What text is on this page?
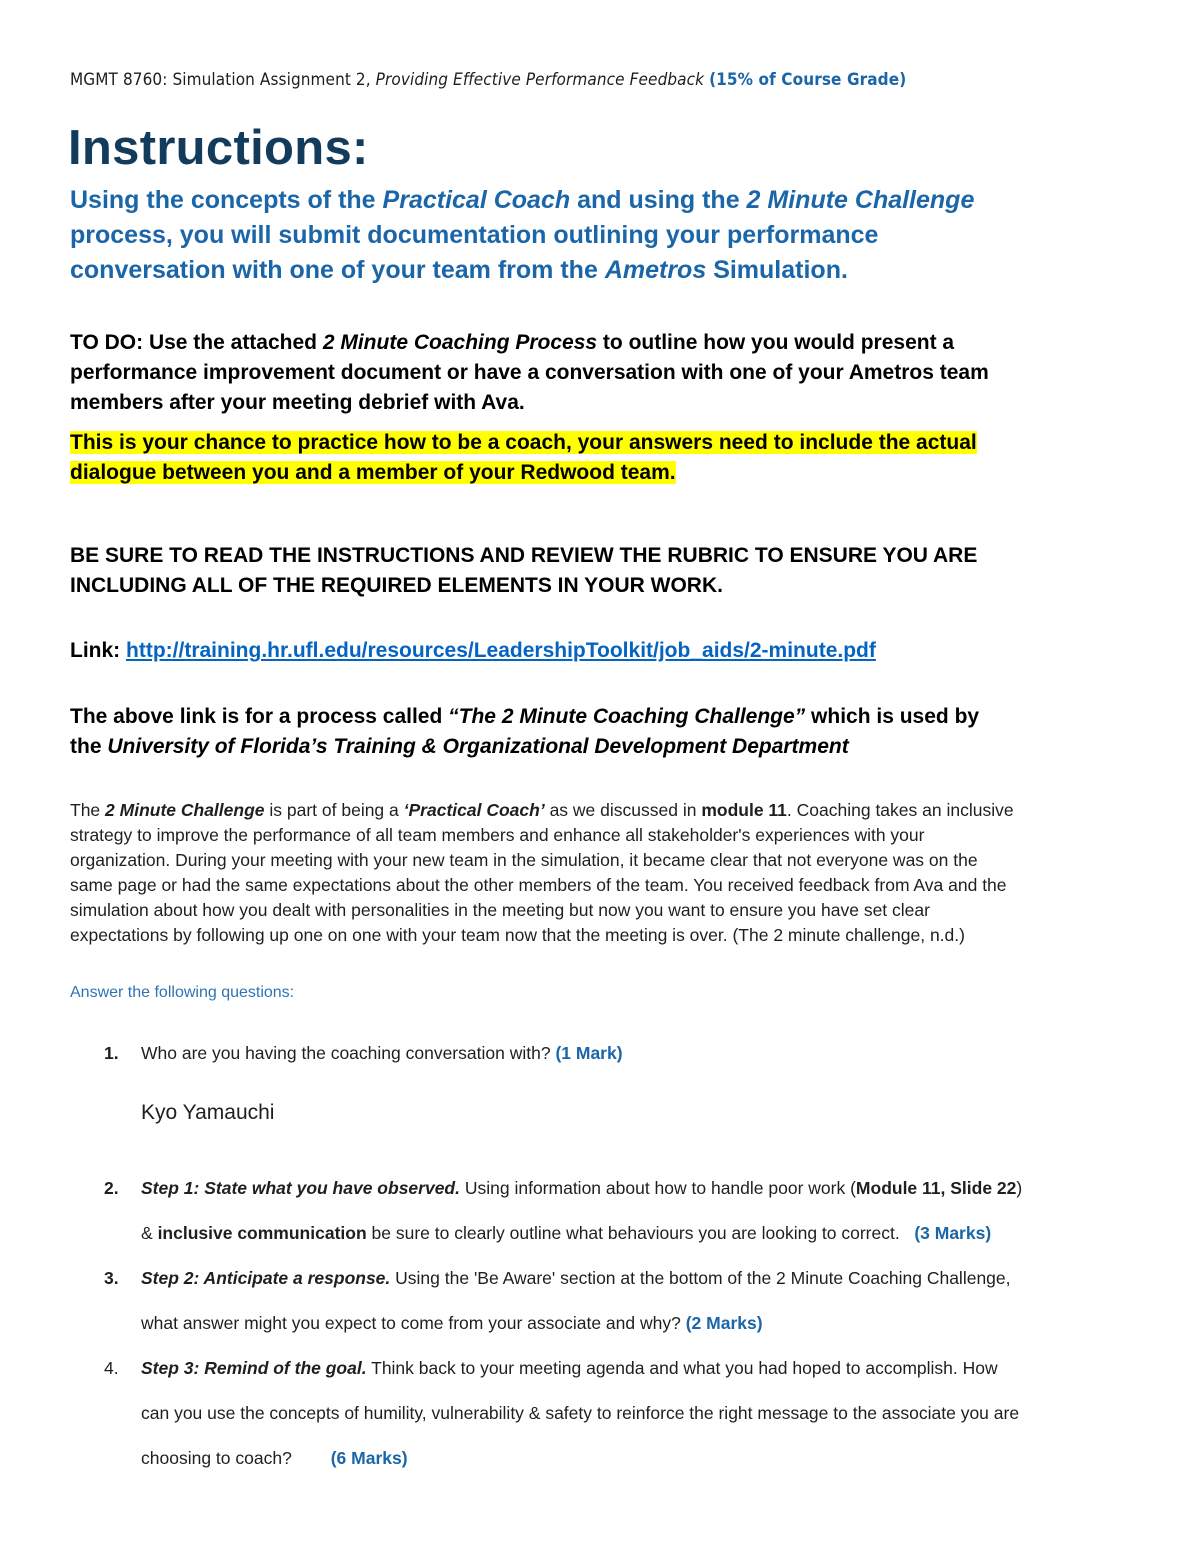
MGMT 8760: Simulation Assignment 2, Providing Effective Performance Feedback (15% of Course Grade)
Instructions:
Using the concepts of the Practical Coach and using the 2 Minute Challenge
process, you will submit documentation outlining your performance
conversation with one of your team from the Ametros Simulation.
TO DO: Use the attached 2 Minute Coaching Process to outline how you would present a
performance improvement document or have a conversation with one of your Ametros team
members after your meeting debrief with Ava.
This is your chance to practice how to be a coach, your answers need to include the actual
dialogue between you and a member of your Redwood team.
BE SURE TO READ THE INSTRUCTIONS AND REVIEW THE RUBRIC TO ENSURE YOU ARE
INCLUDING ALL OF THE REQUIRED ELEMENTS IN YOUR WORK.
Link: http://training.hr.ufl.edu/resources/LeadershipToolkit/job_aids/2-minute.pdf
The above link is for a process called “The 2 Minute Coaching Challenge” which is used by
the University of Florida’s Training & Organizational Development Department
The 2 Minute Challenge is part of being a ‘Practical Coach’ as we discussed in module 11. Coaching takes an inclusive
strategy to improve the performance of all team members and enhance all stakeholder's experiences with your
organization. During your meeting with your new team in the simulation, it became clear that not everyone was on the
same page or had the same expectations about the other members of the team. You received feedback from Ava and the
simulation about how you dealt with personalities in the meeting but now you want to ensure you have set clear
expectations by following up one on one with your team now that the meeting is over. (The 2 minute challenge, n.d.)
Answer the following questions:
1. Who are you having the coaching conversation with? (1 Mark)
Kyo Yamauchi
2. Step 1: State what you have observed. Using information about how to handle poor work (Module 11, Slide 22)
& inclusive communication be sure to clearly outline what behaviours you are looking to correct. (3 Marks)
3. Step 2: Anticipate a response. Using the 'Be Aware' section at the bottom of the 2 Minute Coaching Challenge,
what answer might you expect to come from your associate and why? (2 Marks)
4. Step 3: Remind of the goal. Think back to your meeting agenda and what you had hoped to accomplish. How
can you use the concepts of humility, vulnerability & safety to reinforce the right message to the associate you are
choosing to coach? (6 Marks)
